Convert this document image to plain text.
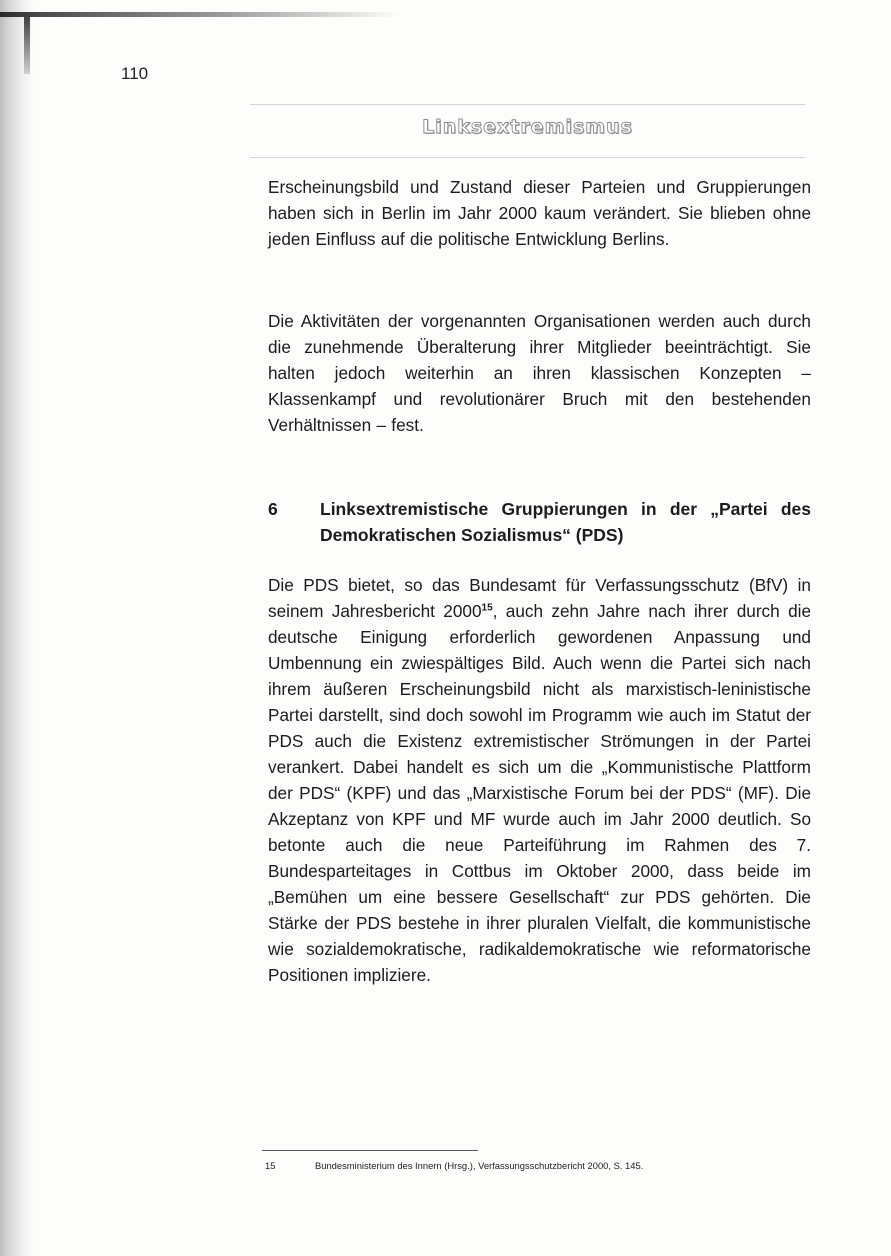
110
Linksextremismus

Erscheinungsbild und Zustand dieser Parteien und Gruppierungen haben sich in Berlin im Jahr 2000 kaum verändert. Sie blieben ohne jeden Einfluss auf die politische Entwicklung Berlins.

Die Aktivitäten der vorgenannten Organisationen werden auch durch die zunehmende Überalterung ihrer Mitglieder beeinträchtigt. Sie halten jedoch weiterhin an ihren klassischen Konzepten – Klassenkampf und revolutionärer Bruch mit den bestehenden Verhältnissen – fest.

6 Linksextremistische Gruppierungen in der „Partei des Demokratischen Sozialismus“ (PDS)

Die PDS bietet, so das Bundesamt für Verfassungsschutz (BfV) in seinem Jahresbericht 2000$^{15}$, auch zehn Jahre nach ihrer durch die deutsche Einigung erforderlich gewordenen Anpassung und Umbennung ein zwiespältiges Bild. Auch wenn die Partei sich nach ihrem äußeren Erscheinungsbild nicht als marxistisch-leninistische Partei darstellt, sind doch sowohl im Programm wie auch im Statut der PDS auch die Existenz extremistischer Strömungen in der Partei verankert. Dabei handelt es sich um die „Kommunistische Plattform der PDS“ (KPF) und das „Marxistische Forum bei der PDS“ (MF). Die Akzeptanz von KPF und MF wurde auch im Jahr 2000 deutlich. So betonte auch die neue Parteiführung im Rahmen des 7. Bundesparteitages in Cottbus im Oktober 2000, dass beide im „Bemühen um eine bessere Gesellschaft“ zur PDS gehörten. Die Stärke der PDS bestehe in ihrer pluralen Vielfalt, die kommunistische wie sozialdemokratische, radikaldemokratische wie reformatorische Positionen impliziere.

15	Bundesministerium des Innern (Hrsg.), Verfassungsschutzbericht 2000, S. 145.
